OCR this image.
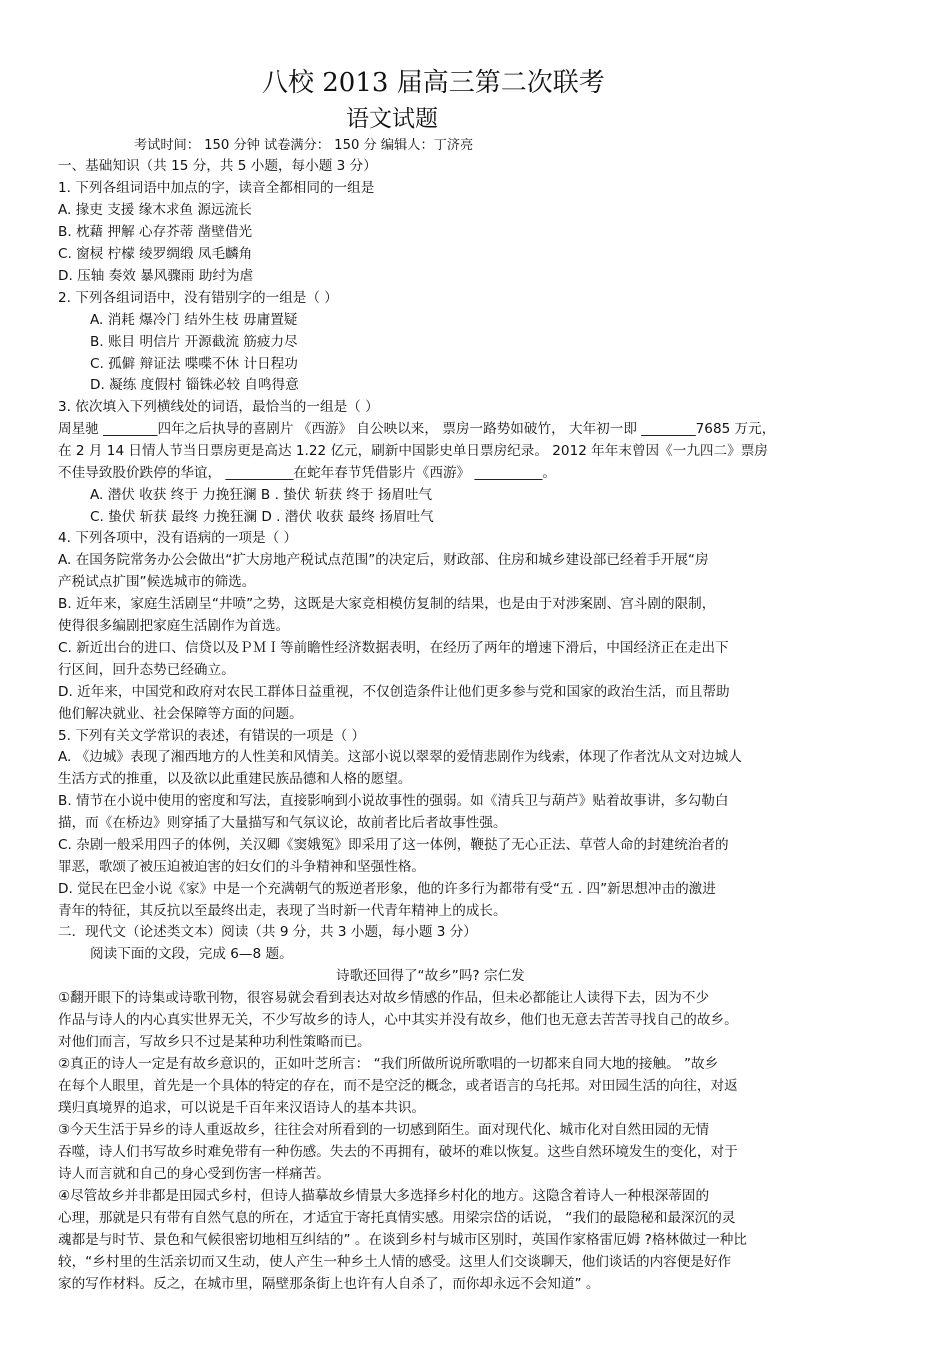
八校 2013 届高三第二次联考
语文试题
考试时间： 150 分钟 试卷满分： 150 分 编辑人：丁济亮
一、基础知识（共 15 分，共 5 小题，每小题 3 分）
1. 下列各组词语中加点的字，读音全都相同的一组是
A. 掾吏 支援 缘木求鱼 源远流长
B. 枕藉 押解 心存芥蒂 凿壁借光
C. 窗棂 柠檬 绫罗绸缎 凤毛麟角
D. 压轴 奏效 暴风骤雨 助纣为虐
2. 下列各组词语中，没有错别字的一组是（ ）
A. 消耗 爆冷门 结外生枝 毋庸置疑
B. 账目 明信片 开源截流 筋疲力尽
C. 孤僻 辩证法 喋喋不休 计日程功
D. 凝练 度假村 锱铢必较 自鸣得意
3. 依次填入下列横线处的词语，最恰当的一组是（ ）
周星驰 ________四年之后执导的喜剧片 《西游》 自公映以来， 票房一路势如破竹， 大年初一即 ________7685 万元，
在 2 月 14 日情人节当日票房更是高达 1.22 亿元，刷新中国影史单日票房纪录。 2012 年年末曾因《一九四二》票房
不佳导致股价跌停的华谊， __________在蛇年春节凭借影片《西游》 __________。
A. 潜伏 收获 终于 力挽狂澜 B . 蛰伏 斩获 终于 扬眉吐气
C. 蛰伏 斩获 最终 力挽狂澜 D . 潜伏 收获 最终 扬眉吐气
4. 下列各项中，没有语病的一项是（ ）
A. 在国务院常务办公会做出“扩大房地产税试点范围”的决定后，财政部、住房和城乡建设部已经着手开展“房
产税试点扩围”候选城市的筛选。
B. 近年来，家庭生活剧呈“井喷”之势，这既是大家竞相模仿复制的结果，也是由于对涉案剧、宫斗剧的限制，
使得很多编剧把家庭生活剧作为首选。
C. 新近出台的进口、信贷以及ＰＭＩ等前瞻性经济数据表明，在经历了两年的增速下滑后，中国经济正在走出下
行区间，回升态势已经确立。
D. 近年来，中国党和政府对农民工群体日益重视，不仅创造条件让他们更多参与党和国家的政治生活，而且帮助
他们解决就业、社会保障等方面的问题。
5. 下列有关文学常识的表述，有错误的一项是（ ）
A. 《边城》表现了湘西地方的人性美和风情美。这部小说以翠翠的爱情悲剧作为线索，体现了作者沈从文对边城人
生活方式的推重，以及欲以此重建民族品德和人格的愿望。
B. 情节在小说中使用的密度和写法，直接影响到小说故事性的强弱。如《清兵卫与葫芦》贴着故事讲，多勾勒白
描，而《在桥边》则穿插了大量描写和气氛议论，故前者比后者故事性强。
C. 杂剧一般采用四子的体例，关汉卿《窦娥冤》即采用了这一体例，鞭挞了无心正法、草菅人命的封建统治者的
罪恶，歌颂了被压迫被迫害的妇女们的斗争精神和坚强性格。
D. 觉民在巴金小说《家》中是一个充满朝气的叛逆者形象，他的许多行为都带有受“五 . 四”新思想冲击的激进
青年的特征，其反抗以至最终出走，表现了当时新一代青年精神上的成长。
二．现代文（论述类文本）阅读（共 9 分，共 3 小题，每小题 3 分）
阅读下面的文段，完成 6—8 题。
诗歌还回得了“故乡”吗? 宗仁发
①翻开眼下的诗集或诗歌刊物，很容易就会看到表达对故乡情感的作品，但未必都能让人读得下去，因为不少
作品与诗人的内心真实世界无关，不少写故乡的诗人，心中其实并没有故乡，他们也无意去苦苦寻找自己的故乡。
对他们而言，写故乡只不过是某种功利性策略而已。
②真正的诗人一定是有故乡意识的，正如叶芝所言： “我们所做所说所歌唱的一切都来自同大地的接触。 ”故乡
在每个人眼里，首先是一个具体的特定的存在，而不是空泛的概念，或者语言的乌托邦。对田园生活的向往，对返
璞归真境界的追求，可以说是千百年来汉语诗人的基本共识。
③今天生活于异乡的诗人重返故乡，往往会对所看到的一切感到陌生。面对现代化、城市化对自然田园的无情
吞噬，诗人们书写故乡时难免带有一种伤感。失去的不再拥有，破坏的难以恢复。这些自然环境发生的变化，对于
诗人而言就和自己的身心受到伤害一样痛苦。
④尽管故乡并非都是田园式乡村，但诗人描摹故乡情景大多选择乡村化的地方。这隐含着诗人一种根深蒂固的
心理，那就是只有带有自然气息的所在，才适宜于寄托真情实感。用梁宗岱的话说， “我们的最隐秘和最深沉的灵
魂都是与时节、景色和气候很密切地相互纠结的” 。在谈到乡村与城市区别时，英国作家格雷厄姆 ?格林做过一种比
较，“乡村里的生活亲切而又生动，使人产生一种乡土人情的感受。这里人们交谈聊天，他们谈话的内容便是好作
家的写作材料。反之，在城市里，隔壁那条街上也许有人自杀了，而你却永远不会知道” 。
